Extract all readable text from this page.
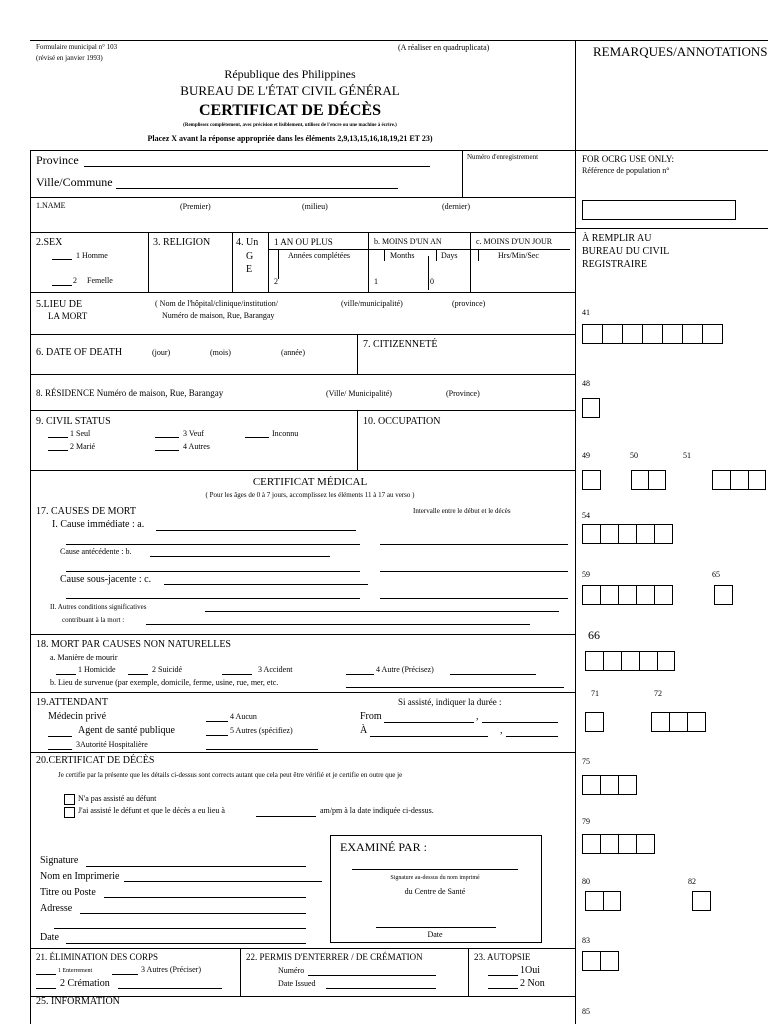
Formulaire municipal n° 103
(révisé en janvier 1993)
(A réaliser en quadruplicata)
République des Philippines
BUREAU DE L'ÉTAT CIVIL GÉNÉRAL
CERTIFICAT DE DÉCÈS
(Remplissez complètement, avec précision et lisiblement, utilisez de l'encre ou une machine à écrire.)
Placez X avant la réponse appropriée dans les éléments 2,9,13,15,16,18,19,21 ET 23)
REMARQUES/ANNOTATIONS
FOR OCRG USE ONLY:
Référence de population n°
À REMPLIR AU
BUREAU DU CIVIL
REGISTRAIRE
41
48
49	50	51
54
59	65
66
71	72
75
79
80	82
83
85
Province
Ville/Commune
Numéro d'enregistrement
1.NAME	(Premier)	(milieu)	(dernier)
2.SEX
1 Homme
2 Femelle
3. RELIGION	4. Un
G
E
1 AN OU PLUS
Années complétées
2
b. MOINS D'UN AN
Months	Days
1	0
c. MOINS D'UN JOUR
Hrs/Min/Sec
5.LIEU DE
LA MORT
( Nom de l'hôpital/clinique/institution/
Numéro de maison, Rue, Barangay
(ville/municipalité)	(province)
6. DATE OF DEATH	(jour)	(mois)	(année)
7. CITIZENNETÉ
8. RÉSIDENCE Numéro de maison, Rue, Barangay	(Ville/ Municipalité)	(Province)
9. CIVIL STATUS
1 Seul
2 Marié
3 Veuf
4 Autres
Inconnu
10. OCCUPATION
CERTIFICAT MÉDICAL
( Pour les âges de 0 à 7 jours, accomplissez les éléments 11 à 17 au verso )
17. CAUSES DE MORT	Intervalle entre le début et le décès
I. Cause immédiate : a.
Cause antécédente : b.
Cause sous-jacente : c.
II. Autres conditions significatives
contribuant à la mort :
18. MORT PAR CAUSES NON NATURELLES
a. Manière de mourir
1 Homicide	2 Suicidé	3 Accident	4 Autre (Précisez)
b. Lieu de survenue (par exemple, domicile, ferme, usine, rue, mer, etc.
19.ATTENDANT
Médecin privé	4 Aucun
Agent de santé publique	5 Autres (spécifiez)
3Autorité Hospitalière
Si assisté, indiquer la durée :
From	,
À	,
20.CERTIFICAT DE DÉCÈS
Je certifie par la présente que les détails ci-dessus sont corrects autant que cela peut être vérifié et je certifie en outre que je
N'a pas assisté au défunt
J'ai assisté le défunt et que le décès a eu lieu à	am/pm à la date indiquée ci-dessus.
Signature
Nom en Imprimerie
Titre ou Poste
Adresse
Date
EXAMINÉ PAR :
Signature au-dessus du nom imprimé
du Centre de Santé
Date
21. ÉLIMINATION DES CORPS
1 Enterrement	3 Autres (Préciser)
2 Crémation
22. PERMIS D'ENTERRER / DE CRÉMATION
Numéro
Date Issued
23. AUTOPSIE
1Oui
2 Non
25. INFORMATION
